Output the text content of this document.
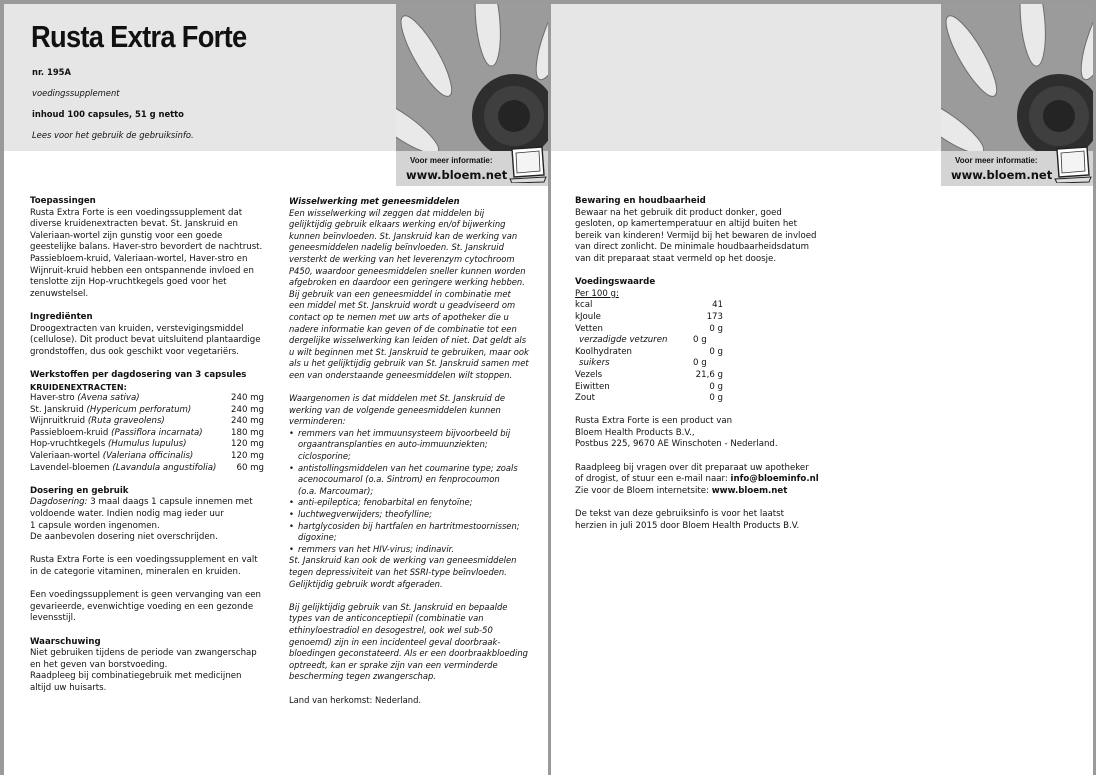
Rusta Extra Forte
nr. 195A
voedingssupplement
inhoud 100 capsules, 51 g netto
Lees voor het gebruik de gebruiksinfo.
Voor meer informatie:
www.bloem.net

Toepassingen

Rusta Extra Forte is een voedingssupplement dat

diverse kruidenextracten bevat. St. Janskruid en

Valeriaan-wortel zijn gunstig voor een goede

geestelijke balans. Haver-stro bevordert de nachtrust.

Passiebloem-kruid, Valeriaan-wortel, Haver-stro en

Wijnruit-kruid hebben een ontspannende invloed en

tenslotte zijn Hop-vruchtkegels goed voor het

zenuwstelsel.

Ingrediënten

Droogextracten van kruiden, verstevigingsmiddel

(cellulose). Dit product bevat uitsluitend plantaardige

grondstoffen, dus ook geschikt voor vegetariërs.

Werkstoffen per dagdosering van 3 capsules

KRUIDENEXTRACTEN:

Haver-stro (Avena sativa)	240 mg
St. Janskruid (Hypericum perforatum)	240 mg
Wijnruitkruid (Ruta graveolens)	240 mg
Passiebloem-kruid (Passiflora incarnata)	180 mg
Hop-vruchtkegels (Humulus lupulus)	120 mg
Valeriaan-wortel (Valeriana officinalis)	120 mg
Lavendel-bloemen (Lavandula angustifolia) 60 mg

Dosering en gebruik

Dagdosering: 3 maal daags 1 capsule innemen met

voldoende water. Indien nodig mag ieder uur

1 capsule worden ingenomen.

De aanbevolen dosering niet overschrijden.

Rusta Extra Forte is een voedingssupplement en valt

in de categorie vitaminen, mineralen en kruiden.

Een voedingssupplement is geen vervanging van een

gevarieerde, evenwichtige voeding en een gezonde

levensstijl.

Waarschuwing

Niet gebruiken tijdens de periode van zwangerschap

en het geven van borstvoeding.

Raadpleeg bij combinatiegebruik met medicijnen

altijd uw huisarts.

Wisselwerking met geneesmiddelen

Een wisselwerking wil zeggen dat middelen bij

gelijktijdig gebruik elkaars werking en/of bijwerking

kunnen beïnvloeden. St. Janskruid kan de werking van

geneesmiddelen nadelig beïnvloeden. St. Janskruid

versterkt de werking van het leverenzym cytochroom

P450, waardoor geneesmiddelen sneller kunnen worden

afgebroken en daardoor een geringere werking hebben.

Bij gebruik van een geneesmiddel in combinatie met

een middel met St. Janskruid wordt u geadviseerd om

contact op te nemen met uw arts of apotheker die u

nadere informatie kan geven of de combinatie tot een

dergelijke wisselwerking kan leiden of niet. Dat geldt als

u wilt beginnen met St. Janskruid te gebruiken, maar ook

als u het gelijktijdig gebruik van St. Janskruid samen met

een van onderstaande geneesmiddelen wilt stoppen.

Waargenomen is dat middelen met St. Janskruid de

werking van de volgende geneesmiddelen kunnen

verminderen:

• remmers van het immuunsysteem bijvoorbeeld bij

orgaantransplanties en auto-immuunziekten;

ciclosporine;

• antistollingsmiddelen van het coumarine type; zoals

acenocoumarol (o.a. Sintrom) en fenprocoumon

(o.a. Marcoumar);

• anti-epileptica; fenobarbital en fenytoïne;

• luchtwegverwijders; theofylline;

• hartglycosiden bij hartfalen en hartritmestoornissen;

digoxine;

• remmers van het HIV-virus; indinavir.

St. Janskruid kan ook de werking van geneesmiddelen

tegen depressiviteit van het SSRI-type beïnvloeden.

Gelijktijdig gebruik wordt afgeraden.

Bij gelijktijdig gebruik van St. Janskruid en bepaalde

types van de anticonceptiepil (combinatie van

ethinyloestradiol en desogestrel, ook wel sub-50

genoemd) zijn in een incidenteel geval doorbraak-

bloedingen geconstateerd. Als er een doorbraakbloeding

optreedt, kan er sprake zijn van een verminderde

bescherming tegen zwangerschap.

Land van herkomst: Nederland.

Voor meer informatie:
www.bloem.net

Bewaring en houdbaarheid

Bewaar na het gebruik dit product donker, goed

gesloten, op kamertemperatuur en altijd buiten het

bereik van kinderen! Vermijd bij het bewaren de invloed

van direct zonlicht. De minimale houdbaarheidsdatum

van dit preparaat staat vermeld op het doosje.

Voedingswaarde

Per 100 g:

kcal	41
kJoule	173
Vetten	0 g
verzadigde vetzuren	0 g
Koolhydraten	0 g
suikers	0 g
Vezels	21,6 g
Eiwitten	0 g
Zout	0 g

Rusta Extra Forte is een product van

Bloem Health Products B.V.,

Postbus 225, 9670 AE Winschoten - Nederland.

Raadpleeg bij vragen over dit preparaat uw apotheker

of drogist, of stuur een e-mail naar: info@bloeminfo.nl

Zie voor de Bloem internetsite: www.bloem.net

De tekst van deze gebruiksinfo is voor het laatst

herzien in juli 2015 door Bloem Health Products B.V.
